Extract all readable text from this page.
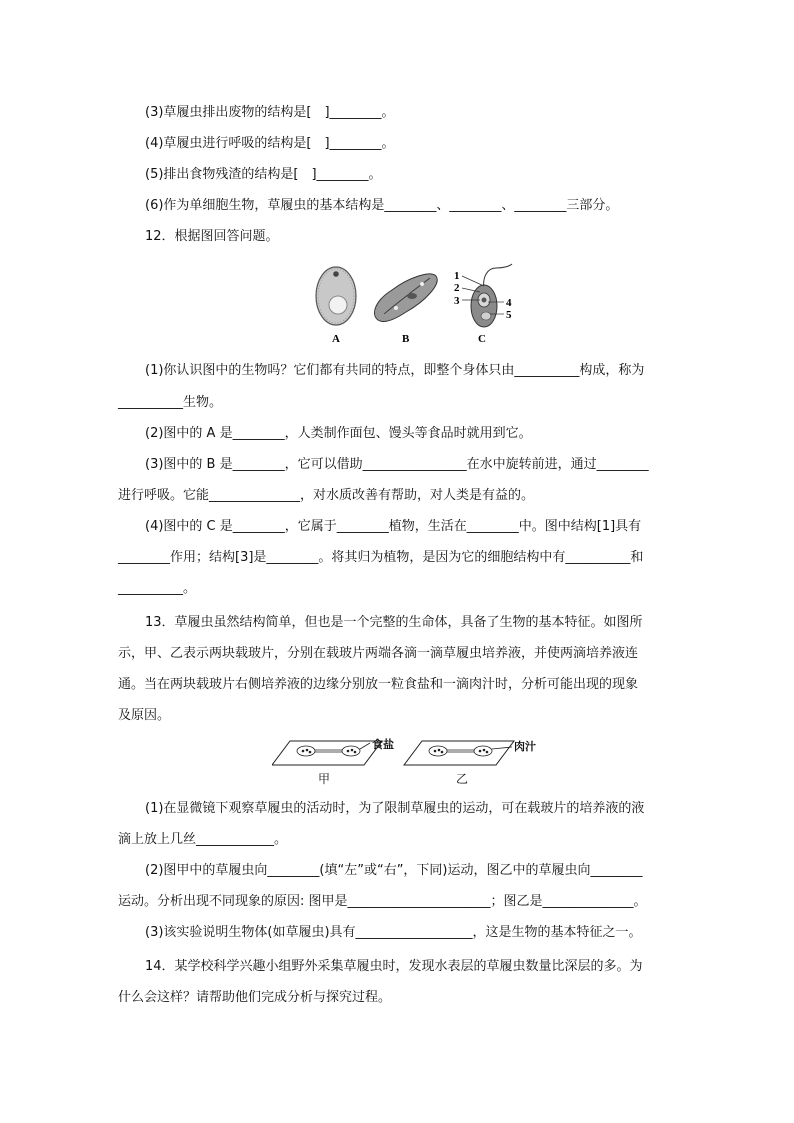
(3)草履虫排出废物的结构是[　]________。
(4)草履虫进行呼吸的结构是[　]________。
(5)排出食物残渣的结构是[　]________。
(6)作为单细胞生物，草履虫的基本结构是________、________、________三部分。
12．根据图回答问题。
A	B
1
2
3	4
5
C
(1)你认识图中的生物吗？它们都有共同的特点，即整个身体只由__________构成，称为
__________生物。
(2)图中的 A 是________，人类制作面包、馒头等食品时就用到它。
(3)图中的 B 是________，它可以借助________________在水中旋转前进，通过________
进行呼吸。它能______________，对水质改善有帮助，对人类是有益的。
(4)图中的 C 是________，它属于________植物，生活在________中。图中结构[1]具有
________作用；结构[3]是________。将其归为植物，是因为它的细胞结构中有__________和
__________。
13．草履虫虽然结构简单，但也是一个完整的生命体，具备了生物的基本特征。如图所
示，甲、乙表示两块载玻片，分别在载玻片两端各滴一滴草履虫培养液，并使两滴培养液连
通。当在两块载玻片右侧培养液的边缘分别放一粒食盐和一滴肉汁时，分析可能出现的现象
及原因。
食盐
甲
肉汁
乙
(1)在显微镜下观察草履虫的活动时，为了限制草履虫的运动，可在载玻片的培养液的液
滴上放上几丝____________。
(2)图甲中的草履虫向________(填“左”或“右”，下同)运动，图乙中的草履虫向________
运动。分析出现不同现象的原因: 图甲是______________________；图乙是______________。
(3)该实验说明生物体(如草履虫)具有__________________，这是生物的基本特征之一。
14．某学校科学兴趣小组野外采集草履虫时，发现水表层的草履虫数量比深层的多。为
什么会这样？请帮助他们完成分析与探究过程。
